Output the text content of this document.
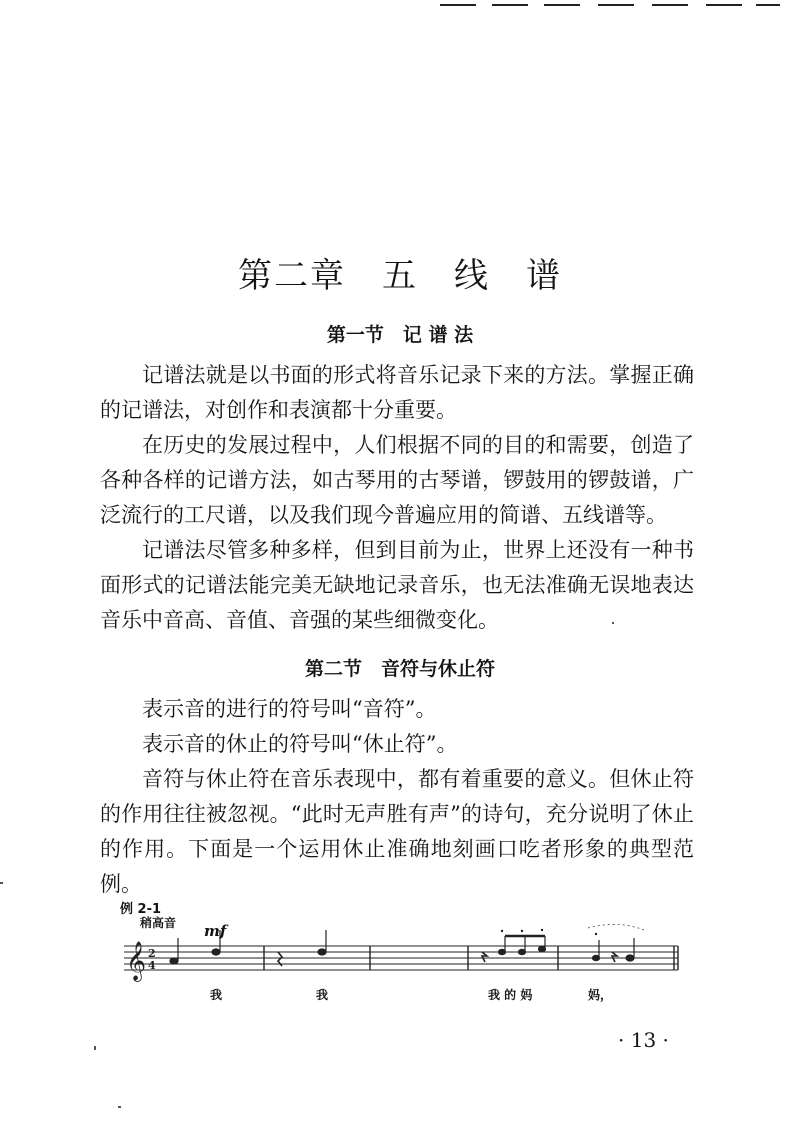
第二章　五　线　谱
第一节　记 谱 法

记谱法就是以书面的形式将音乐记录下来的方法。掌握正确的记谱法，对创作和表演都十分重要。

在历史的发展过程中，人们根据不同的目的和需要，创造了各种各样的记谱方法，如古琴用的古琴谱，锣鼓用的锣鼓谱，广泛流行的工尺谱，以及我们现今普遍应用的简谱、五线谱等。

记谱法尽管多种多样，但到目前为止，世界上还没有一种书面形式的记谱法能完美无缺地记录音乐，也无法准确无误地表达音乐中音高、音值、音强的某些细微变化。

第二节　音符与休止符

表示音的进行的符号叫“音符”。

表示音的休止的符号叫“休止符”。

音符与休止符在音乐表现中，都有着重要的意义。但休止符的作用往往被忽视。“此时无声胜有声”的诗句，充分说明了休止的作用。下面是一个运用休止准确地刻画口吃者形象的典型范例。

例 2-1
𝄞 2
4
稍高音 mf
我	我	我 的 妈	妈，
· 13 ·
